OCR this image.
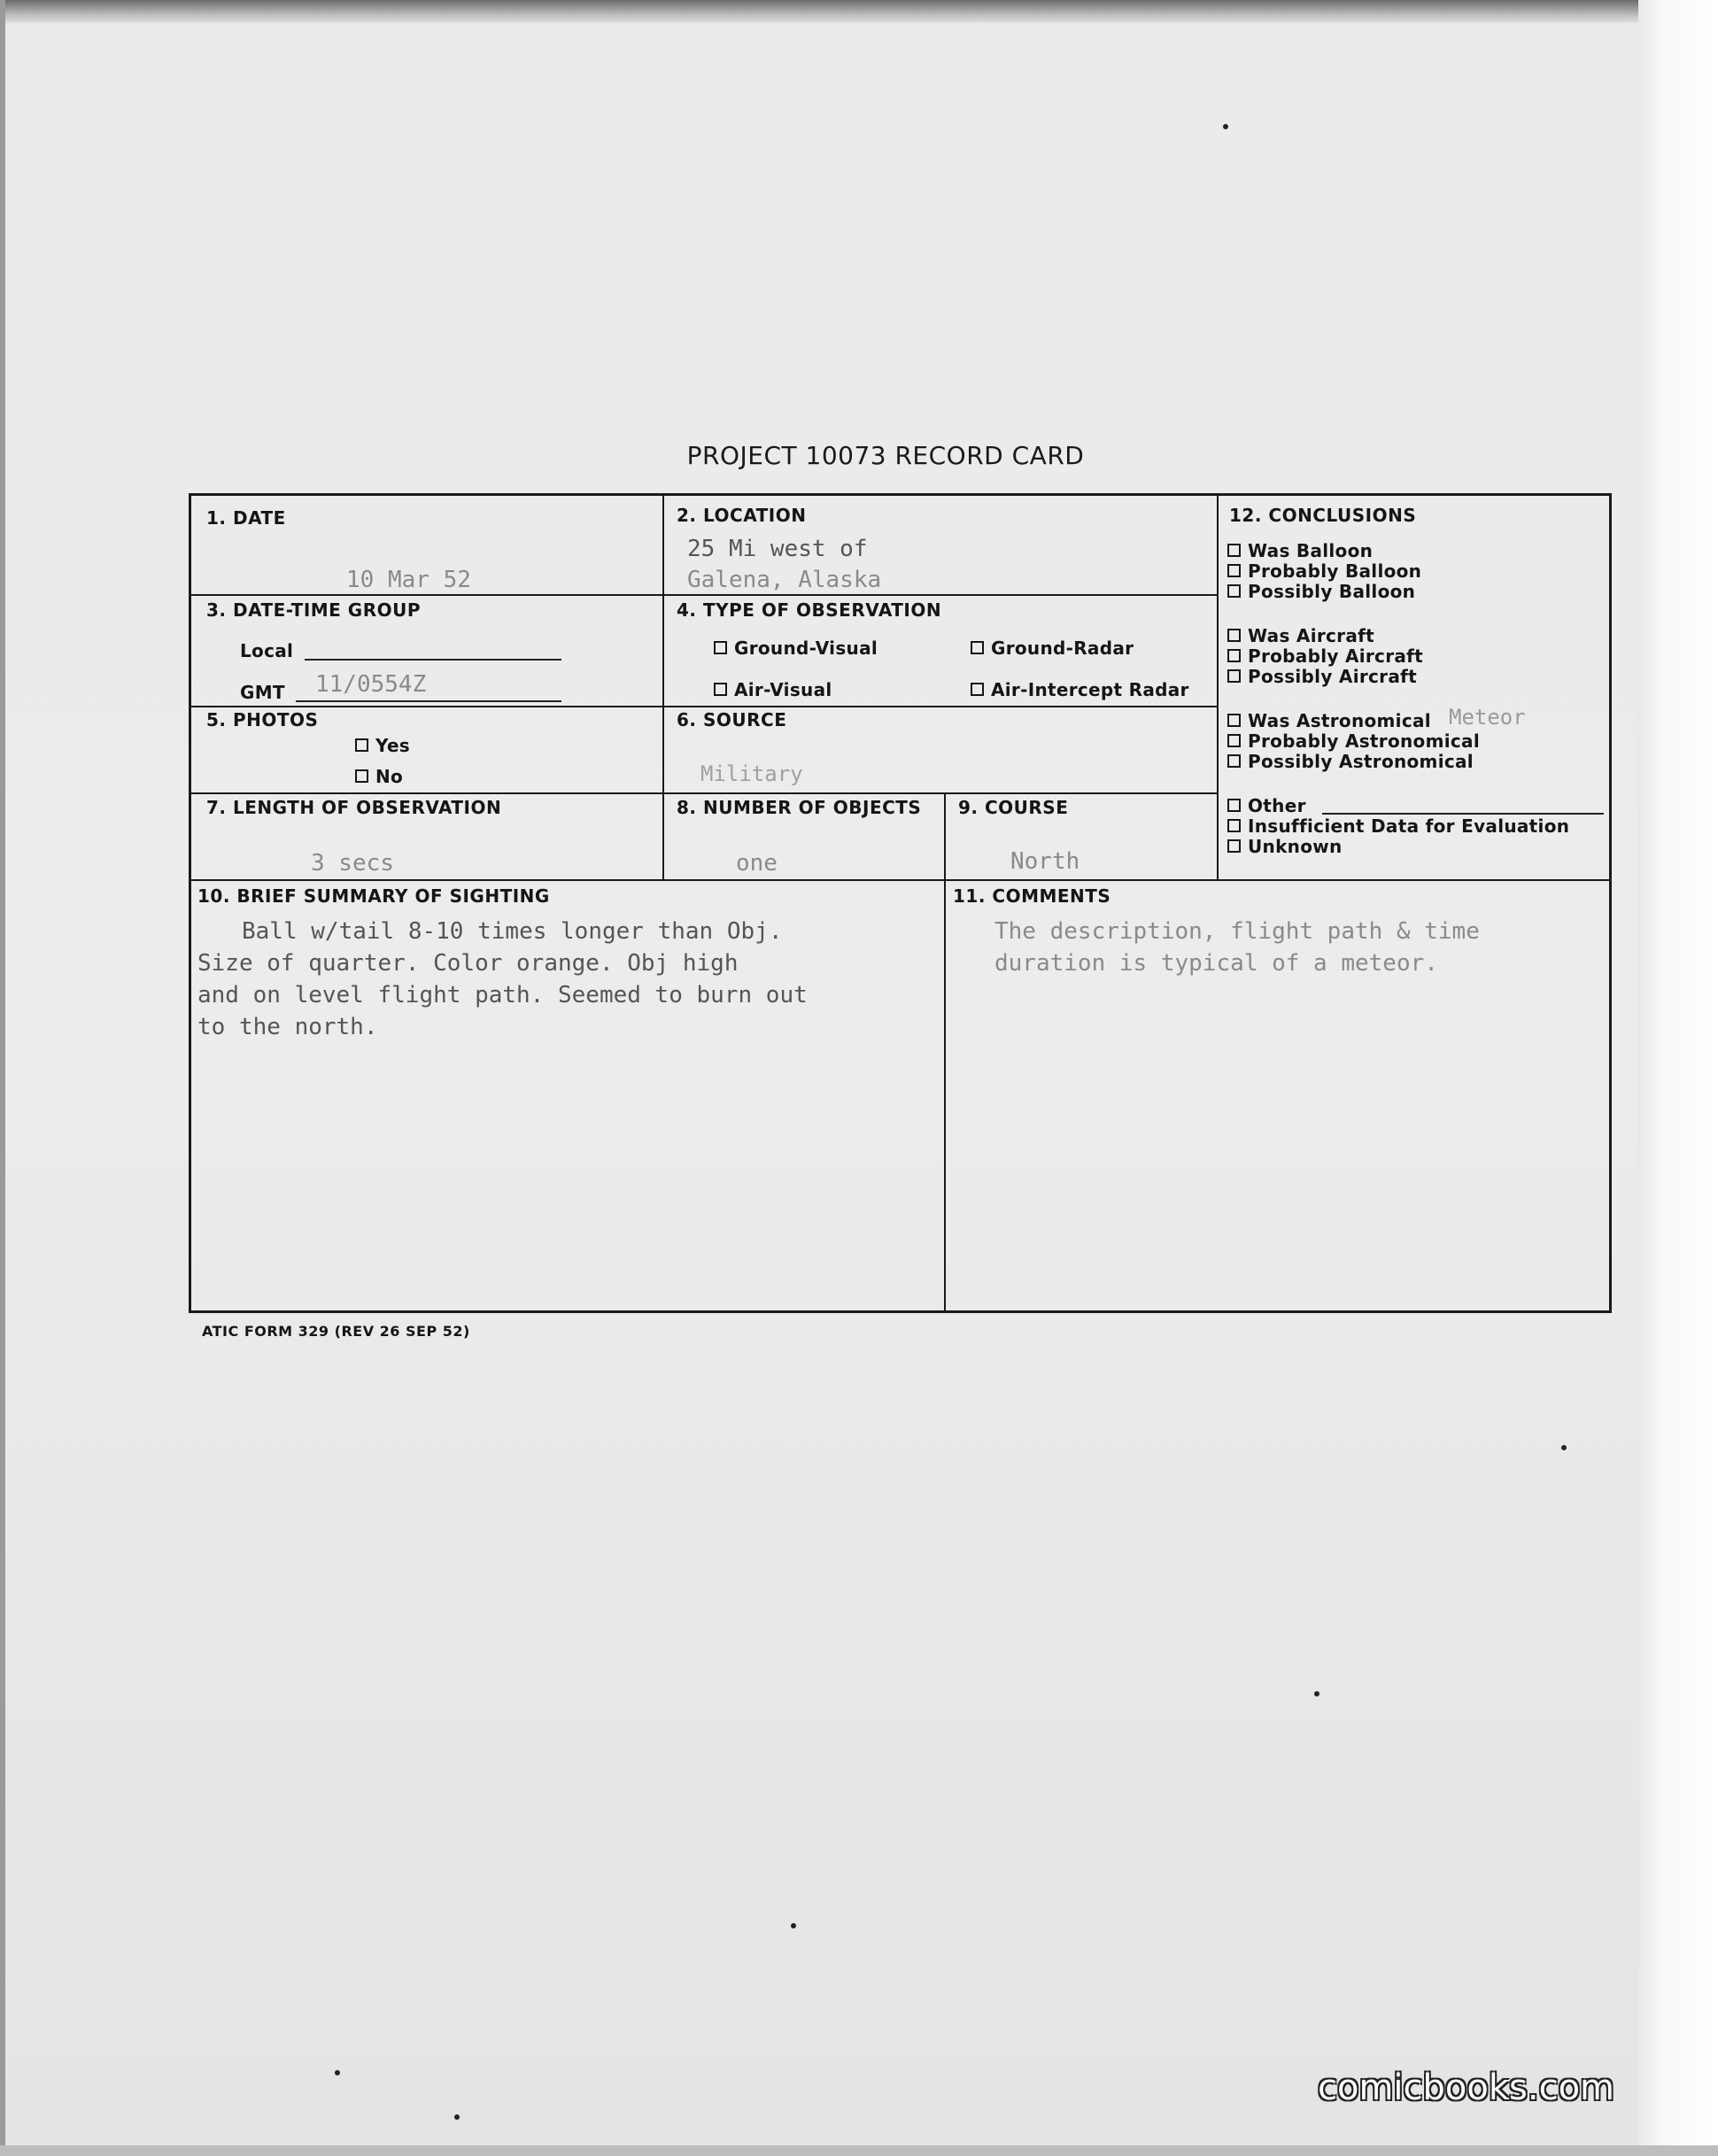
PROJECT 10073 RECORD CARD
1. DATE
10 Mar 52
2. LOCATION
25 Mi west of
Galena, Alaska
3. DATE-TIME GROUP
Local
GMT 11/0554Z
4. TYPE OF OBSERVATION
Ground-Visual	Ground-Radar
Air-Visual	Air-Intercept Radar
5. PHOTOS
Yes
No
6. SOURCE
Military
7. LENGTH OF OBSERVATION
3 secs
8. NUMBER OF OBJECTS
one
9. COURSE
North
12. CONCLUSIONS
Was Balloon
Probably Balloon
Possibly Balloon
Was Aircraft
Probably Aircraft
Possibly Aircraft
Was Astronomical Meteor
Probably Astronomical
Possibly Astronomical
Other
Insufficient Data for Evaluation
Unknown
10. BRIEF SUMMARY OF SIGHTING
Ball w/tail 8-10 times longer than Obj.
Size of quarter. Color orange. Obj high
and on level flight path. Seemed to burn out
to the north.
11. COMMENTS
The description, flight path & time
duration is typical of a meteor.
ATIC FORM 329 (REV 26 SEP 52)
comicbooks.com
